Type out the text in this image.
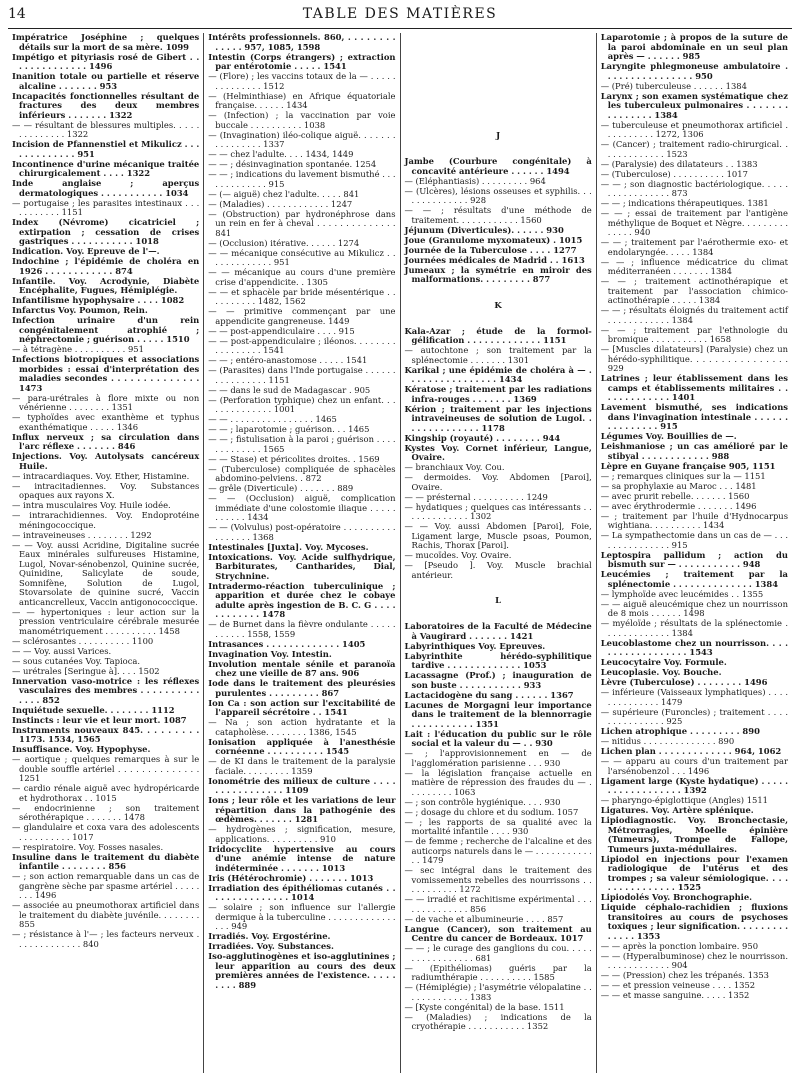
14	TABLE DES MATIÈRES
Impératrice Joséphine ; quelques détails sur la mort de sa mère. 1099
Impétigo et pityriasis rosé de Gibert . . . . . . . . . . . . . . 1496
Inanition totale ou partielle et réserve alcaline . . . . . . . 953
Incapacités fonctionnelles résultant de fractures des deux membres inférieurs . . . . . . . 1322
— — résultant de blessures multiples. . . . . . . . . . . . . . 1322
Incision de Pfannenstiel et Mikulicz . . . . . . . . . . . . . 951
Incontinence d'urine mécanique traitée chirurgicalement . . . . 1322
Inde anglaise ; aperçus dermatologiques . . . . . . . . . . . 1034
— portugaise ; les parasites intestinaux . . . . . . . . . . . 1151
Index (Névrome) cicatriciel ; extirpation ; cessation de crises gastriques . . . . . . . . . . . 1018
Indication. Voy. Epreuve de l'—.
Indochine ; l'épidémie de choléra en 1926 . . . . . . . . . . . . 874
Infantile. Voy. Acrodynie, Diabète Encéphalite, Fugues, Hémiplégie.
Infantilisme hypophysaire . . . . 1082
Infarctus Voy. Poumon, Rein.
Infection urinaire d'un rein congénitalement atrophié ; néphrectomie ; guérison . . . . . 1510
— à tétragène . . . . . . . . . . 951
Infections biotropiques et associations morbides : essai d'interprétation des maladies secondes . . . . . . . . . . . . . . 1473
— para-urétrales à flore mixte ou non vénérienne . . . . . . . . 1351
— typhoïdes avec exanthème et typhus exanthématique . . . . . 1346
Influx nerveux ; sa circulation dans l'arc réflexe . . . . . . . 846
Injections. Voy. Autolysats cancéreux Huile.
— intracardiaques. Voy. Ether, Histamine.
— intracitadiennes. Voy. Substances opaques aux rayons X.
— intra musculaires Voy. Huile iodée.
— intrarachidiennes. Voy. Endoprotéine méningococcique.
— intraveineuses . . . . . . . . 1292
— — Voy. aussi Acridine, Digitaline sucrée Eaux minérales sulfureuses Histamine, Lugol, Novar-sénobenzol, Quinine sucrée, Quinidine, Salicylate de soude, Somnifène, Solution de Lugol, Stovarsolate de quinine sucré, Vaccin anticancrelleux, Vaccin antigonococcique.
— — hypertoniques : leur action sur la pression ventriculaire cérébrale mesurée manométriquement . . . . . . . . . . 1458
— sclérosantes . . . . . . . . . . 1100
— — Voy. aussi Varices.
— sous cutanées Voy. Tapioca.
— urétrales [Seringue à]. . . . 1502
Innervation vaso-motrice : les réflexes vasculaires des membres . . . . . . . . . . . . . . 852
Inquiétude sexuelle. . . . . . . . 1112
Instincts : leur vie et leur mort. 1087
Instruments nouveaux 845. . . . . . . . . 1173. 1534, 1565
Insuffisance. Voy. Hypophyse.
— aortique ; quelques remarques à sur le double souffle artériel . . . . . . . . . . . . . . 1251
— cardio rénale aiguë avec hydropéricarde et hydrothorax . . 1015
— endocrinienne ; son traitement sérothérapique . . . . . . . 1478
— glandulaire et coxa vara des adolescents . . . . . . . . . . 1017
— respiratoire. Voy. Fosses nasales.
Insuline dans le traitement du diabète infantile . . . . . . . . 856
— ; son action remarquable dans un cas de gangrène sèche par spasme artériel . . . . . . . . 1496
— associée au pneumothorax artificiel dans le traitement du diabète juvénile. . . . . . . . 855
— ; résistance à l'— ; les facteurs nerveux . . . . . . . . . . . . . 840
Intérêts professionnels. 860, . . . . . . . . . . . . . 957, 1085, 1598
Intestin (Corps étrangers) ; extraction par entérotomie . . . . . 1541
— (Flore) ; les vaccins totaux de la — . . . . . . . . . . . . . . 1512
— (Helminthiase) en Afrique équatoriale française. . . . . . 1434
— (Infection) ; la vaccination par voie buccale . . . . . . . . . . 1038
— (Invagination) iléo-colique aiguë. . . . . . . . . . . . . . . . 1337
— — chez l'adulte. . . . 1434, 1449
— — ; désinvagination spontanée. 1254
— — ; indications du lavement bismuthé . . . . . . . . . . . . . 915
— (— aiguë) chez l'adulte. . . . . 841
— (Maladies) . . . . . . . . . . . . 1247
— (Obstruction) par hydronéphrose dans un rein en fer à cheval . . . . . . . . . . . . . . 841
— (Occlusion) itérative. . . . . . 1274
— — mécanique consécutive au Mikulicz . . . . . . . . . . . . . 951
— — mécanique au cours d'une première crise d'appendicite. . 1305
— — et sphacèle par bride mésentérique . . . . . . . . . . 1482, 1562
— — primitive commençant par une appendicite gangreneuse. 1449
— — post-appendiculaire . . . . 915
— — post-appendiculaire ; iléonos. . . . . . . . . . . . . . . . . 1541
— — ; entéro-anastomose . . . . . 1541
— (Parasites) dans l'Inde portugaise . . . . . . . . . . . . . . . . 1151
— — dans le sud de Madagascar . 905
— (Perforation typhique) chez un enfant. . . . . . . . . . . . . . 1001
— — . . . . . . . . . . . . . . . . 1465
— — ; laparotomie ; guérison. . . 1465
— — ; fistulisation à la paroi ; guérison . . . . . . . . . . . . . 1565
— — Stase) et péricolites droites. . 1569
— (Tuberculose) compliquée de sphacèles abdomino-pelviens. . 872
— grêle (Diverticule) . . . . . . . 889
— — (Occlusion) aiguë, complication immédiate d'une colostomie iliaque . . . . . . . . . . . 1434
— — (Volvulus) post-opératoire . . . . . . . . . . . . . . . . . 1368
Intestinales [Juxta]. Voy. Mycoses.
Intoxications. Voy. Acide sulfhydrique, Barbiturates, Cantharides, Dial, Strychnine.
Intradermo-réaction tuberculinique ; apparition et durée chez le cobaye adulte après ingestion de B. C. G . . . . . . . . . . . . 1478
— de Burnet dans la fièvre ondulante . . . . . . . . . . . 1558, 1559
Intrasances . . . . . . . . . . . . . 1405
Invagination Voy. Intestin.
Involution mentale sénile et paranoïa chez une vieille de 87 ans. 906
Iode dans le traitement des pleurésies purulentes . . . . . . . . . 867
Ion Ca : son action sur l'excitabilité de l'appareil sécrétoire . . 1541
— Na ; son action hydratante et la catapholèse. . . . . . . . 1386, 1545
Ionisation appliquée à l'anesthésie cornéenne . . . . . . . . . . 1545
— de KI dans le traitement de la paralysie faciale. . . . . . . . . 1359
Ionométrie des milieux de culture . . . . . . . . . . . . . . . . 1109
Ions ; leur rôle et les variations de leur répartition dans la pathogénie des œdèmes. . . . . . . 1281
— hydrogènes ; signification, mesure, applications. . . . . . . . . . 910
Iridocyclite hypertensive au cours d'une anémie intense de nature indéterminée . . . . . . . 1013
Iris (Hétérochromie) . . . . . . . 1013
Irradiation des épithéliomas cutanés . . . . . . . . . . . . . . . 1014
— solaire ; son influence sur l'allergie dermique à la tuberculine . . . . . . . . . . . . . . . . 949
Irradiés. Voy. Ergostérine.
Irradiées. Voy. Substances.
Iso-agglutinogènes et iso-agglutinines ; leur apparition au cours des deux premières années de l'existence. . . . . . . . . 889
J
Jambe (Courbure congénitale) à concavité antérieure . . . . . . 1494
— (Eléphantiasis) . . . . . . . . . 964
— (Ulcères), lésions osseuses et syphilis. . . . . . . . . . . . . . 928
— — ; résultats d'une méthode de traitement. . . . . . . . . . . . 1560
Jéjunum (Diverticules). . . . . . 930
Joue (Granulome myxomateux) . 1015
Journée de la Tuberculose . . . . 1277
Journées médicales de Madrid . . 1613
Jumeaux ; la symétrie en miroir des malformations. . . . . . . . . 877
K
Kala-Azar ; étude de la formol-gélification . . . . . . . . . . . . . 1151
— autochtone ; son traitement par la splénectomie . . . . . . . 1301
Karikal ; une épidémie de choléra à — . . . . . . . . . . . . . . . . 1434
Kératose ; traitement par les radiations infra-rouges . . . . . . . 1369
Kérion ; traitement par les injections intraveineuses de solution de Lugol. . . . . . . . . . . . . . 1178
Kingship (royauté) . . . . . . . . 944
Kystes Voy. Cornet inférieur, Langue, Ovaire.
— branchiaux Voy. Cou.
— dermoides. Voy. Abdomen [Paroi], Ovaire.
— — présternal . . . . . . . . . . 1249
— hydatiques ; quelques cas intéressants . . . . . . . . . . . . . 1302
— — Voy. aussi Abdomen [Paroi], Foie, Ligament large, Muscle psoas, Poumon, Rachis, Thorax [Paroi].
— mucoïdes. Voy. Ovaire.
— [Pseudo ]. Voy. Muscle brachial antérieur.
L
Laboratoires de la Faculté de Médecine à Vaugirard . . . . . . . 1421
Labyrinthiques Voy. Epreuves.
Labyrinthite hérédo-syphilitique tardive . . . . . . . . . . . . . 1053
Lacassagne (Prof.) ; inauguration de son buste . . . . . . . . . . . 933
Lactacidogène du sang . . . . . . 1367
Lacunes de Morgagni leur importance dans le traitement de la blennorragie . . . . . . . . . . . 1351
Lait : l'éducation du public sur le rôle social et la valeur du — . . 930
— ; l'approvisionnement en — de l'agglomération parisienne . . . 930
— la législation française actuelle en matière de répression des fraudes du — . . . . . . . . . 1063
— ; son contrôle hygiénique. . . . 930
— ; dosage du chlore et du sodium. 1057
— ; les rapports de sa qualité avec la mortalité infantile . . . . 930
— de femme ; recherche de l'alcaline et des auticorps naturels dans le — . . . . . . . . . . . . . 1479
— sec intégral dans le traitement des vomissements rebelles des nourrissons . . . . . . . . . . . 1272
— — irradié et rachitisme expérimental . . . . . . . . . . . . . . 856
— de vache et albumineurie . . . . 857
Langue (Cancer), son traitement au Centre du cancer de Bordeaux. 1017
— — ; le curage des ganglions du cou. . . . . . . . . . . . . . . . . 681
— (Epithéliomas) guéris par la radiumthérapie . . . . . . . . . . 1585
— (Hémiplégie) ; l'asymétrie vélopalatine . . . . . . . . . . . . . 1383
— [Kyste congénital) de la base. 1511
— (Maladies) ; indications de la cryothérapie . . . . . . . . . . . 1352
Laparotomie ; à propos de la suture de la paroi abdominale en un seul plan après — . . . . . . 985
Laryngite phlegmoneuse ambulatoire . . . . . . . . . . . . . . . . 950
— (Pré) tuberculeuse . . . . . . 1384
Larynx ; son examen systématique chez les tuberculeux pulmonaires . . . . . . . . . . . . . . . 1384
— tuberculeuse et pneumothorax artificiel . . . . . . . . . . 1272, 1306
— (Cancer) ; traitement radio-chirurgical. . . . . . . . . . . . . 1523
— (Paralysie) des dilatateurs . . 1383
— (Tuberculose) . . . . . . . . . . 1017
— — ; son diagnostic bactériologique. . . . . . . . . . . . . . . . . 873
— — ; indications thérapeutiques. 1381
— — ; essai de traitement par l'antigène méthylique de Boquet et Nègre. . . . . . . . . . . . . . 940
— — ; traitement par l'aérothermie exo- et endolaryngée. . . . . 1384
— — ; influence médicatrice du climat méditerranéen . . . . . . . 1384
— — ; traitement actinothérapique et traitement par l'association chimico-actinothérapie . . . . . 1384
— — ; résultats éloignés du traitement actif . . . . . . . . . . . . 1384
— — ; traitement par l'ethnologie du bromique . . . . . . . . . . . 1658
— [Muscles dilatateurs] (Paralysie) chez un hérédo-syphilitique. . . . . . . . . . . . . . . . 929
Latrines ; leur établissement dans les camps et établissements militaires . . . . . . . . . . . . . 1401
Lavement bismuthé, ses indications dans l'invagination intestinale . . . . . . . . . . . . . . . 915
Légumes Voy. Bouillies de —.
Leishmaniose ; un cas amélioré par le stibyal . . . . . . . . . . . . 988
Lèpre en Guyane française 905, 1151
— ; remarques cliniques sur la — 1151
— sa prophylaxie au Maroc . . . 1481
— avec prurit rebelle. . . . . . . 1560
— avec érythrodermie . . . . . . . 1496
— ; traitement par l'huile d'Hydnocarpus wightiana. . . . . . . . . . 1434
— La sympathectomie dans un cas de — . . . . . . . . . . . . . . . 915
Leptospira pallidum ; action du bismuth sur — . . . . . . . . . . . 948
Leucémies ; traitement par la splénectomie . . . . . . . . . . . . . . 1384
— lymphoïde avec leucémides . . 1355
— — aiguë aleucémique chez un nourrisson de 8 mois . . . . . . 1498
— myéloïde ; résultats de la splénectomie . . . . . . . . . . . . . 1384
Leucoblastome chez un nourrisson. . . . . . . . . . . . . . . . . . 1543
Leucocytaire Voy. Formule.
Leucoplasie. Voy. Bouche.
Lèvre (Tuberculose) . . . . . . . . 1496
— inférieure (Vaisseaux lymphatiques) . . . . . . . . . . . . . . 1479
— supérieure (Furoncles) ; traitement . . . . . . . . . . . . . . . 925
Lichen atrophique . . . . . . . . . 890
— nitidus . . . . . . . . . . . . . . 890
Lichen plan . . . . . . . . . . . . . 964, 1062
— — apparu au cours d'un traitement par l'arsénobenzol . . . 1496
Ligament large (Kyste hydatique) . . . . . . . . . . . . . . . . . . 1392
— pharyngo-épiglottique (Angles) 1511
Ligatures. Voy. Artère splénique.
Lipiodiagnostic. Voy. Bronchectasie, Métrorragies, Moelle épinière (Tumeurs), Trompe de Fallope, Tumeurs juxta-médullaires.
Lipiodol en injections pour l'examen radiologique de l'utérus et des trompes ; sa valeur sémiologique. . . . . . . . . . . . . . . . 1525
Lipiodolés Voy. Bronchographie.
Liquide céphalo-rachidien ; fluxions transitoires au cours de psychoses toxiques ; leur signification. . . . . . . . . . . . . . 1353
— — après la ponction lombaire. 950
— — (Hyperalbuminose) chez le nourrisson. . . . . . . . . . . . . 904
— — (Pression) chez les trépanés. 1353
— — et pression veineuse . . . . 1352
— — et masse sanguine. . . . . 1352
